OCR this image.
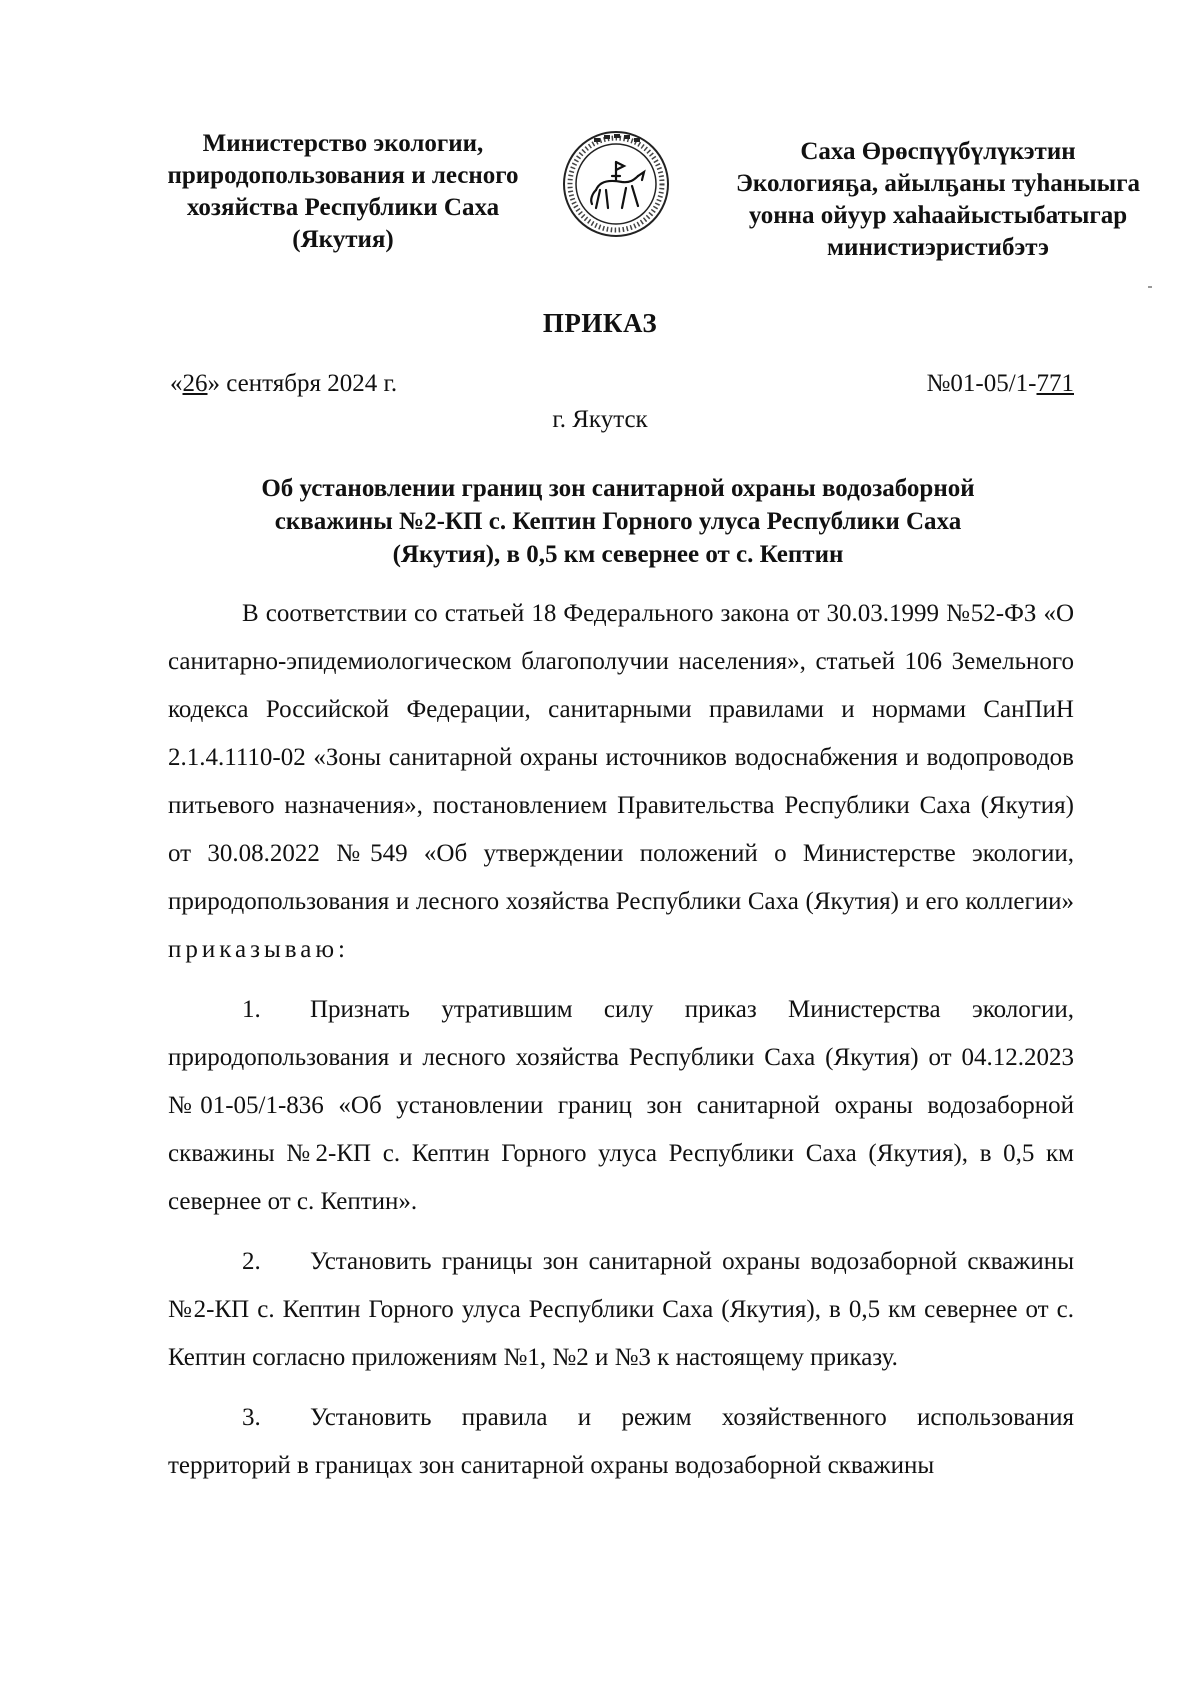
Министерство экологии,
природопользования и лесного
хозяйства Республики Саха
(Якутия)
Саха Өрөспүүбүлүкэтин
Экологияҕа, айылҕаны туһаныыга
уонна ойуур хаһаайыстыбатыгар
министиэристибэтэ
ПРИКАЗ
«26» сентября 2024 г.	№01-05/1-771
г. Якутск
Об установлении границ зон санитарной охраны водозаборной
скважины №2-КП с. Кептин Горного улуса Республики Саха
(Якутия), в 0,5 км севернее от с. Кептин

В соответствии со статьей 18 Федерального закона от 30.03.1999 №52-ФЗ «О санитарно-эпидемиологическом благополучии населения», статьей 106 Земельного кодекса Российской Федерации, санитарными правилами и нормами СанПиН 2.1.4.1110-02 «Зоны санитарной охраны источников водоснабжения и водопроводов питьевого назначения», постановлением Правительства Республики Саха (Якутия) от 30.08.2022 №549 «Об утверждении положений о Министерстве экологии, природопользования и лесного хозяйства Республики Саха (Якутия) и его коллегии» приказываю:

1. Признать утратившим силу приказ Министерства экологии, природопользования и лесного хозяйства Республики Саха (Якутия) от 04.12.2023 №01-05/1-836 «Об установлении границ зон санитарной охраны водозаборной скважины №2-КП с. Кептин Горного улуса Республики Саха (Якутия), в 0,5 км севернее от с. Кептин».

2. Установить границы зон санитарной охраны водозаборной скважины №2-КП с. Кептин Горного улуса Республики Саха (Якутия), в 0,5 км севернее от с. Кептин согласно приложениям №1, №2 и №3 к настоящему приказу.

3. Установить правила и режим хозяйственного использования территорий в границах зон санитарной охраны водозаборной скважины
